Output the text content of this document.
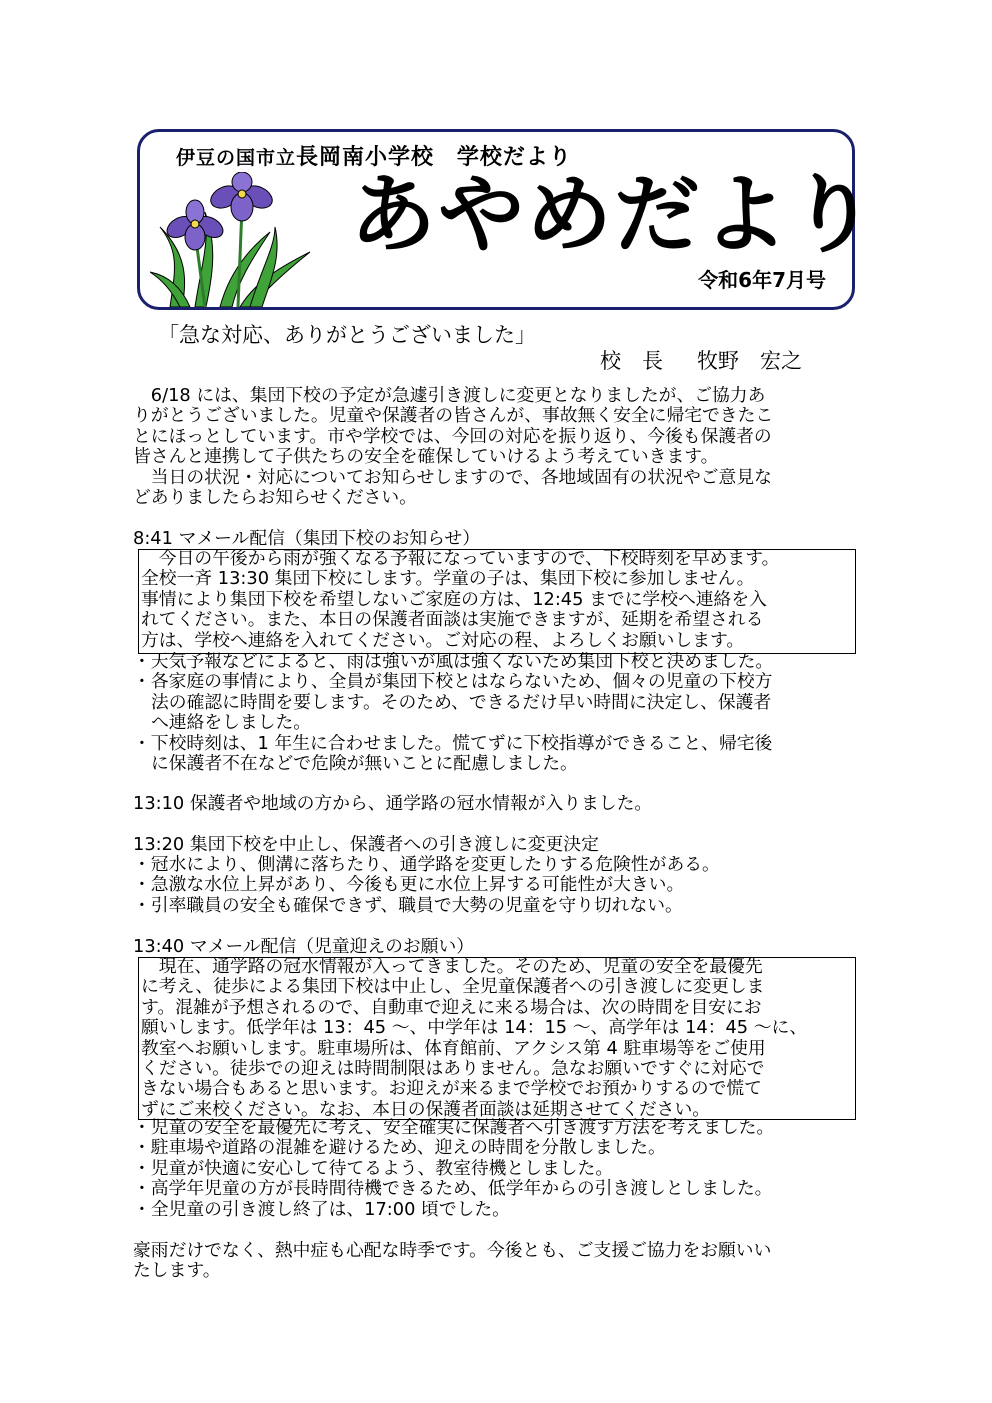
伊豆の国市立長岡南小学校 学校だより
あやめだより
令和6年7月号
「急な対応、ありがとうございました」
校　長 牧野　宏之
　6/18 には、集団下校の予定が急遽引き渡しに変更となりましたが、ご協力あ
りがとうございました。児童や保護者の皆さんが、事故無く安全に帰宅できたこ
とにほっとしています。市や学校では、今回の対応を振り返り、今後も保護者の
皆さんと連携して子供たちの安全を確保していけるよう考えていきます。
　当日の状況・対応についてお知らせしますので、各地域固有の状況やご意見な
どありましたらお知らせください。
8:41 マメール配信（集団下校のお知らせ）
　今日の午後から雨が強くなる予報になっていますので、下校時刻を早めます。
全校一斉 13:30 集団下校にします。学童の子は、集団下校に参加しません。
事情により集団下校を希望しないご家庭の方は、12:45 までに学校へ連絡を入
れてください。また、本日の保護者面談は実施できますが、延期を希望される
方は、学校へ連絡を入れてください。ご対応の程、よろしくお願いします。
・天気予報などによると、雨は強いが風は強くないため集団下校と決めました。
・各家庭の事情により、全員が集団下校とはならないため、個々の児童の下校方
法の確認に時間を要します。そのため、できるだけ早い時間に決定し、保護者
へ連絡をしました。
・下校時刻は、1 年生に合わせました。慌てずに下校指導ができること、帰宅後
に保護者不在などで危険が無いことに配慮しました。
13:10 保護者や地域の方から、通学路の冠水情報が入りました。
13:20 集団下校を中止し、保護者への引き渡しに変更決定
・冠水により、側溝に落ちたり、通学路を変更したりする危険性がある。
・急激な水位上昇があり、今後も更に水位上昇する可能性が大きい。
・引率職員の安全も確保できず、職員で大勢の児童を守り切れない。
13:40 マメール配信（児童迎えのお願い）
　現在、通学路の冠水情報が入ってきました。そのため、児童の安全を最優先
に考え、徒歩による集団下校は中止し、全児童保護者への引き渡しに変更しま
す。混雑が予想されるので、自動車で迎えに来る場合は、次の時間を目安にお
願いします。低学年は 13：45 ～、中学年は 14：15 ～、高学年は 14：45 ～に、
教室へお願いします。駐車場所は、体育館前、アクシス第 4 駐車場等をご使用
ください。徒歩での迎えは時間制限はありません。急なお願いですぐに対応で
きない場合もあると思います。お迎えが来るまで学校でお預かりするので慌て
ずにご来校ください。なお、本日の保護者面談は延期させてください。
・児童の安全を最優先に考え、安全確実に保護者へ引き渡す方法を考えました。
・駐車場や道路の混雑を避けるため、迎えの時間を分散しました。
・児童が快適に安心して待てるよう、教室待機としました。
・高学年児童の方が長時間待機できるため、低学年からの引き渡しとしました。
・全児童の引き渡し終了は、17:00 頃でした。
豪雨だけでなく、熱中症も心配な時季です。今後とも、ご支援ご協力をお願いい
たします。
